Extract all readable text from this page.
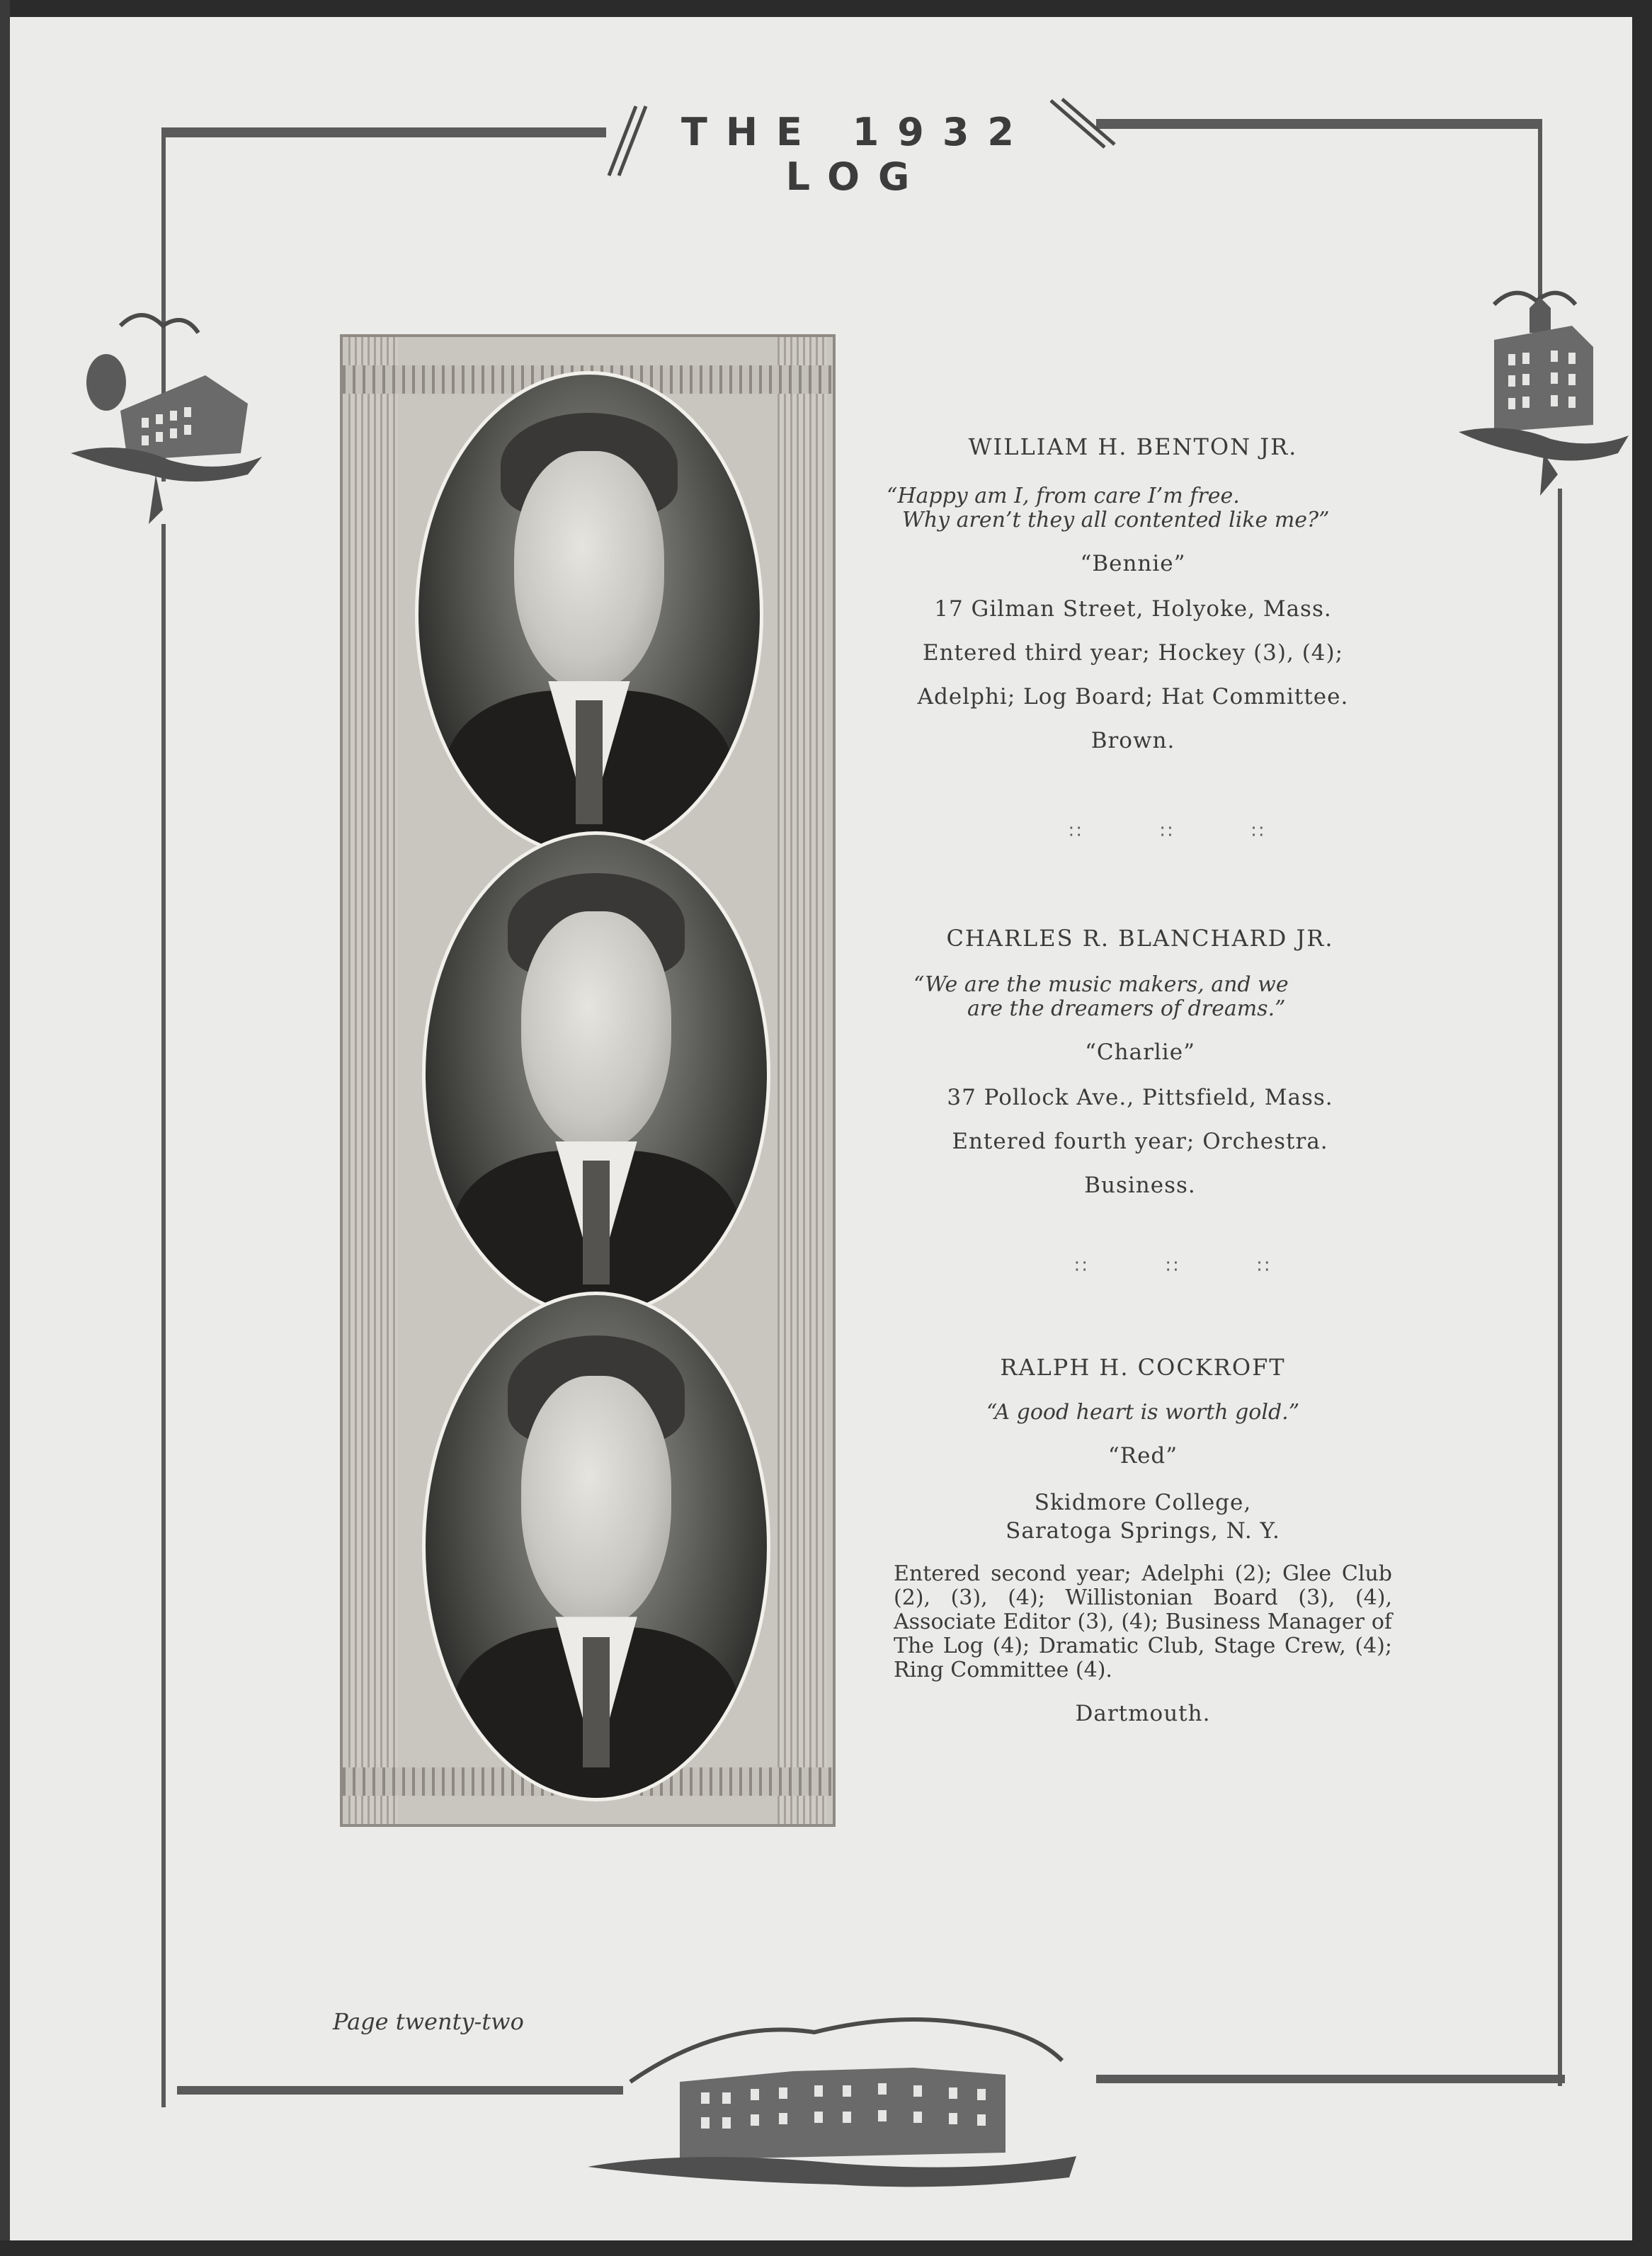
THE 1932 LOG
WILLIAM H. BENTON JR.
“Happy am I, from care I’m free.
Why aren’t they all contented like me?”
“Bennie”
17 Gilman Street, Holyoke, Mass.
Entered third year; Hockey (3), (4);
Adelphi; Log Board; Hat Committee.
Brown.
∷ ∷ ∷
CHARLES R. BLANCHARD JR.
“We are the music makers, and we
are the dreamers of dreams.”
“Charlie”
37 Pollock Ave., Pittsfield, Mass.
Entered fourth year; Orchestra.
Business.
∷ ∷ ∷
RALPH H. COCKROFT
“A good heart is worth gold.”
“Red”
Skidmore College,
Saratoga Springs, N. Y.
Entered second year; Adelphi (2); Glee Club (2), (3), (4); Willistonian Board (3), (4), Associate Editor (3), (4); Business Manager of The Log (4); Dramatic Club, Stage Crew, (4); Ring Committee (4).
Dartmouth.
Page twenty-two
